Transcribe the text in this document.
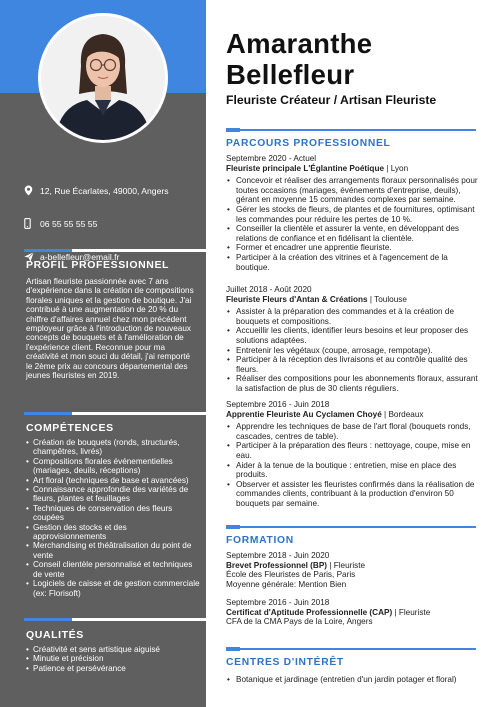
12, Rue Écarlates, 49000, Angers
06 55 55 55 55
a-bellefleur@email.fr
PROFIL PROFESSIONNEL
Artisan fleuriste passionnée avec 7 ans d'expérience dans la création de compositions florales uniques et la gestion de boutique. J'ai contribué à une augmentation de 20 % du chiffre d'affaires annuel chez mon précédent employeur grâce à l'introduction de nouveaux concepts de bouquets et à l'amélioration de l'expérience client. Reconnue pour ma créativité et mon souci du détail, j'ai remporté le 2ème prix au concours départemental des jeunes fleuristes en 2019.
COMPÉTENCES
• Création de bouquets (ronds, structurés, champêtres, livrés)
• Compositions florales événementielles (mariages, deuils, réceptions)
• Art floral (techniques de base et avancées)
• Connaissance approfondie des variétés de fleurs, plantes et feuillages
• Techniques de conservation des fleurs coupées
• Gestion des stocks et des approvisionnements
• Merchandising et théâtralisation du point de vente
• Conseil clientèle personnalisé et techniques de vente
• Logiciels de caisse et de gestion commerciale (ex: Florisoft)
QUALITÉS
• Créativité et sens artistique aiguisé
• Minutie et précision
• Patience et persévérance
Amaranthe
Bellefleur
Fleuriste Créateur / Artisan Fleuriste
PARCOURS PROFESSIONNEL
Septembre 2020 - Actuel
Fleuriste principale L'Églantine Poétique | Lyon
• Concevoir et réaliser des arrangements floraux personnalisés pour toutes occasions (mariages, événements d'entreprise, deuils), gérant en moyenne 15 commandes complexes par semaine.
• Gérer les stocks de fleurs, de plantes et de fournitures, optimisant les commandes pour réduire les pertes de 10 %.
• Conseiller la clientèle et assurer la vente, en développant des relations de confiance et en fidélisant la clientèle.
• Former et encadrer une apprentie fleuriste.
• Participer à la création des vitrines et à l'agencement de la boutique.
Juillet 2018 - Août 2020
Fleuriste Fleurs d'Antan & Créations | Toulouse
• Assister à la préparation des commandes et à la création de bouquets et compositions.
• Accueillir les clients, identifier leurs besoins et leur proposer des solutions adaptées.
• Entretenir les végétaux (coupe, arrosage, rempotage).
• Participer à la réception des livraisons et au contrôle qualité des fleurs.
• Réaliser des compositions pour les abonnements floraux, assurant la satisfaction de plus de 30 clients réguliers.
Septembre 2016 - Juin 2018
Apprentie Fleuriste Au Cyclamen Choyé | Bordeaux
• Apprendre les techniques de base de l'art floral (bouquets ronds, cascades, centres de table).
• Participer à la préparation des fleurs : nettoyage, coupe, mise en eau.
• Aider à la tenue de la boutique : entretien, mise en place des produits.
• Observer et assister les fleuristes confirmés dans la réalisation de commandes clients, contribuant à la production d'environ 50 bouquets par semaine.
FORMATION
Septembre 2018 - Juin 2020
Brevet Professionnel (BP) | Fleuriste
École des Fleuristes de Paris, Paris
Moyenne générale: Mention Bien
Septembre 2016 - Juin 2018
Certificat d'Aptitude Professionnelle (CAP) | Fleuriste
CFA de la CMA Pays de la Loire, Angers
CENTRES D'INTÉRÊT
• Botanique et jardinage (entretien d'un jardin potager et floral)
